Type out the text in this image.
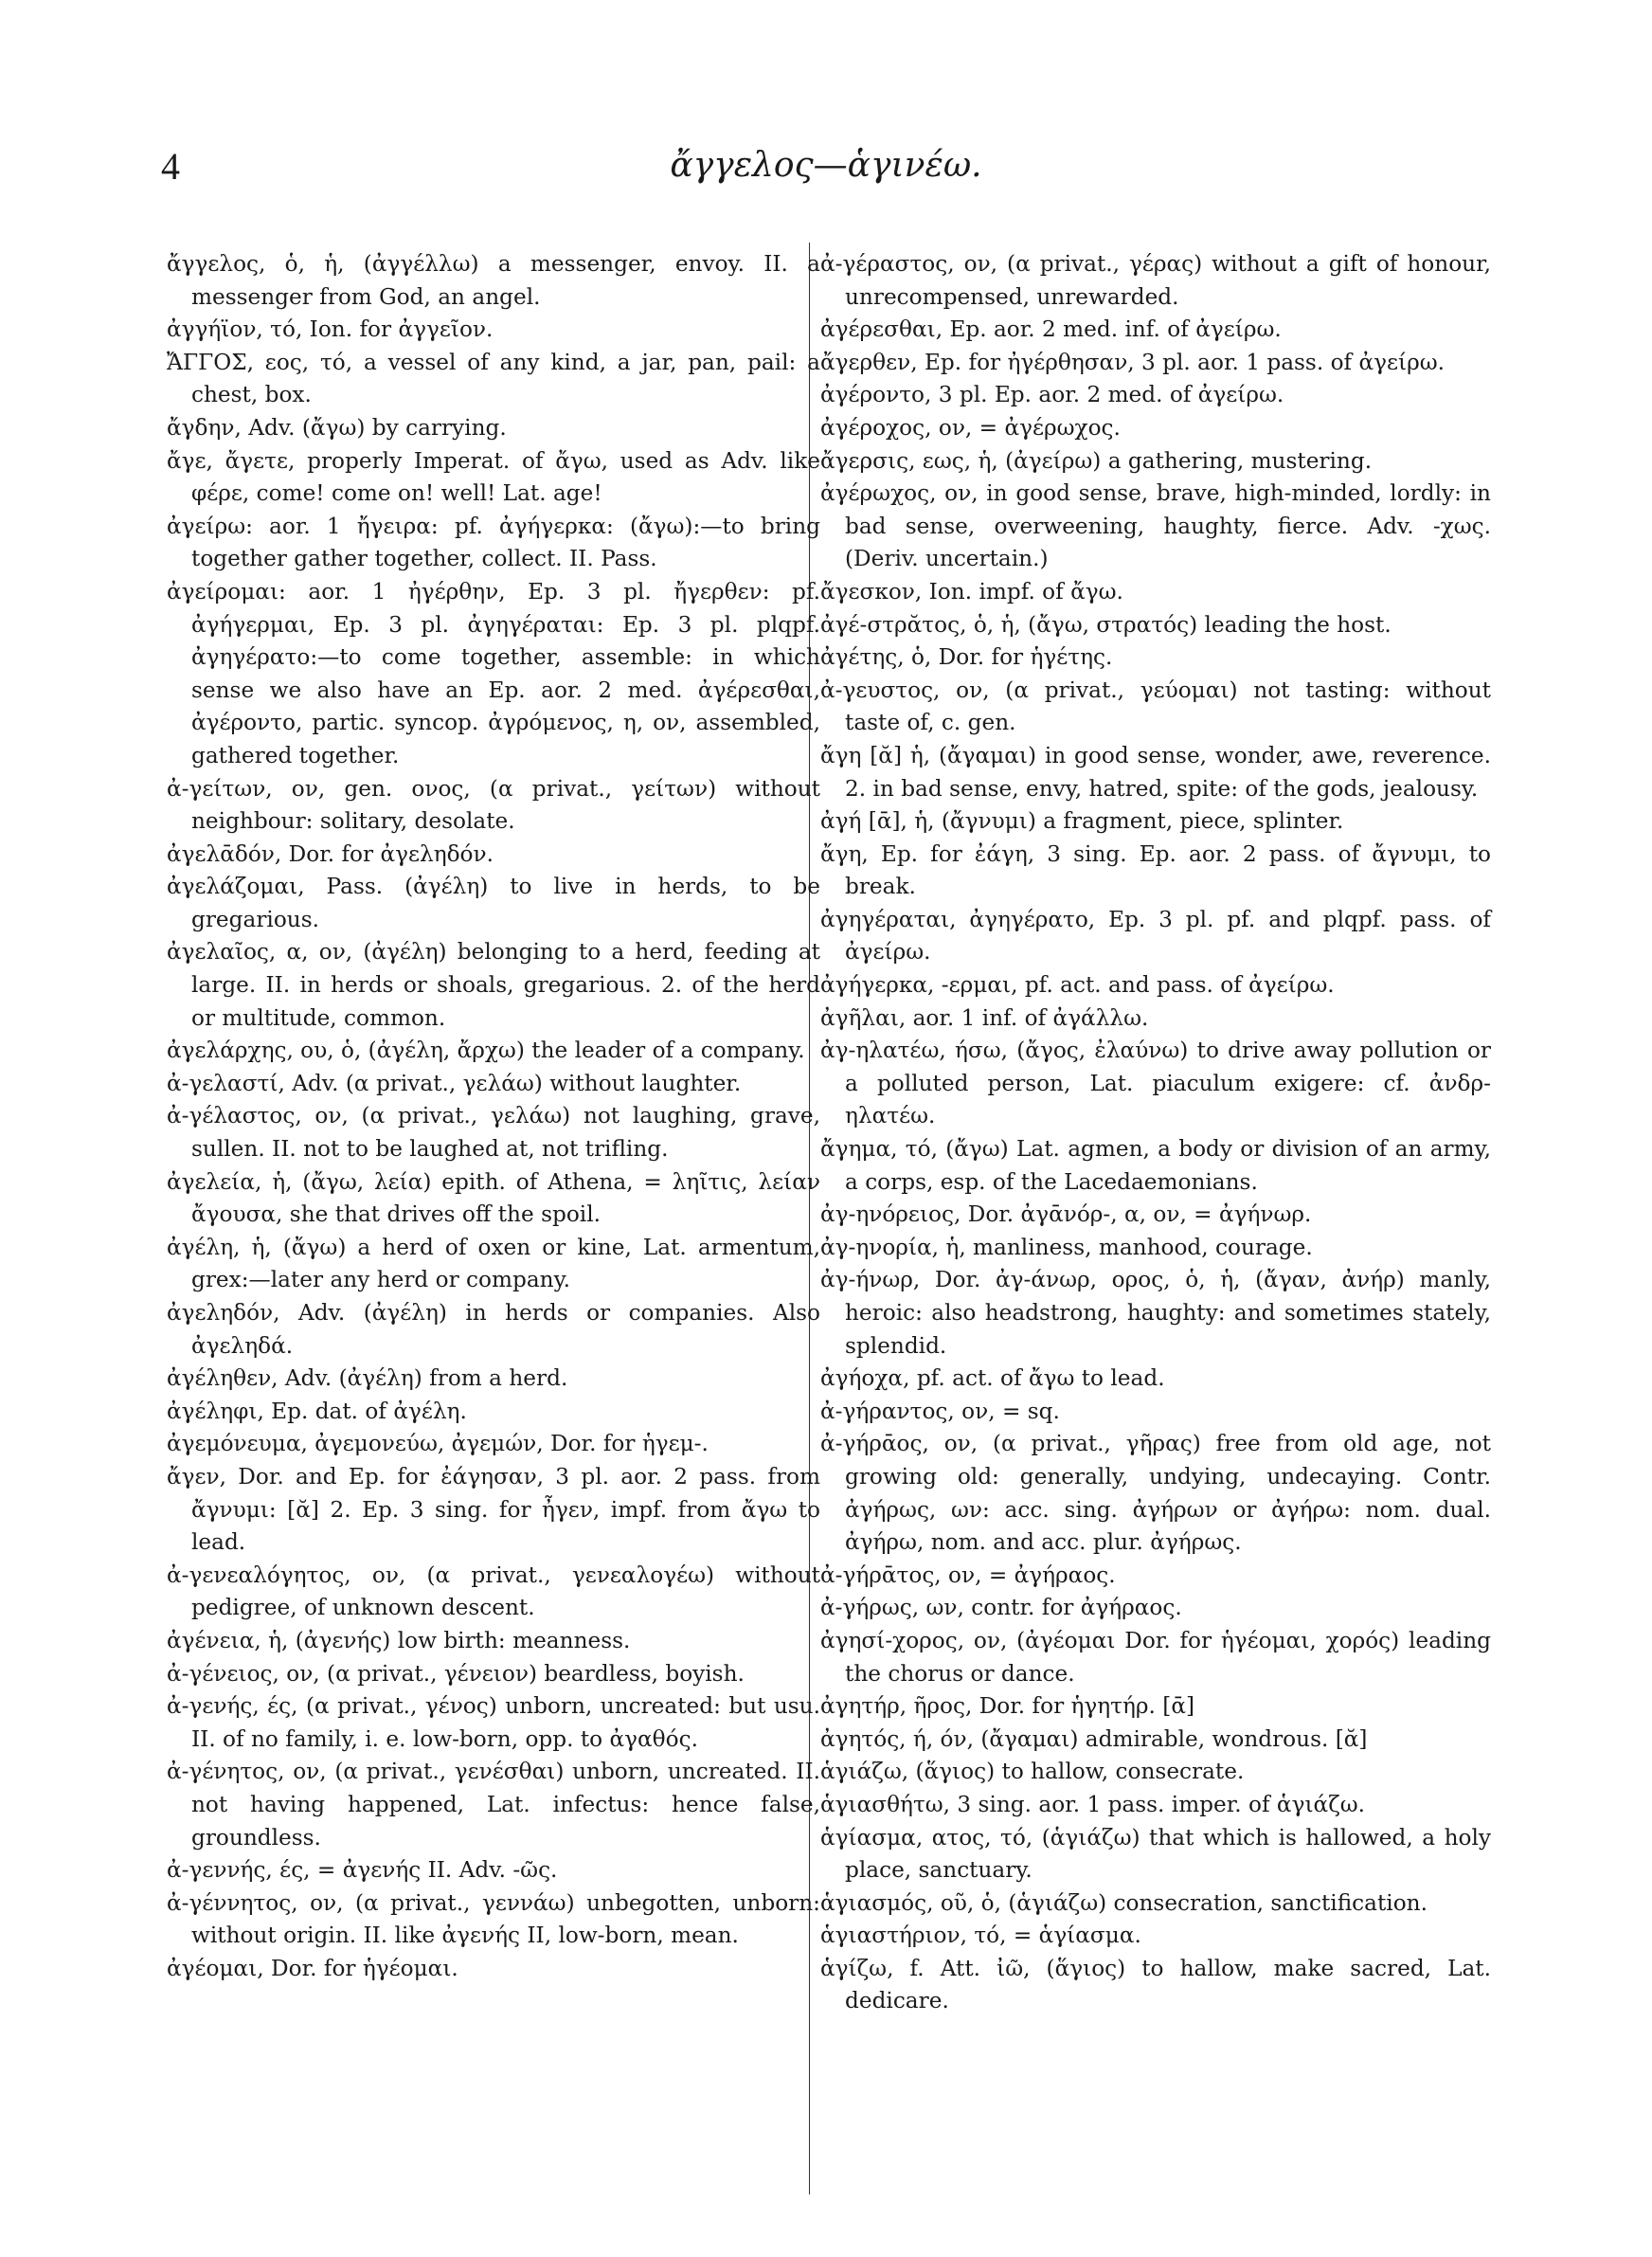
4	ἄγγελος—ἁγινέω.

ἄγγελος, ὁ, ἡ, (ἀγγέλλω) a messenger, envoy. II. a messenger from God, an angel.

ἀγγήϊον, τό, Ion. for ἀγγεῖον.

ἌΓΓΟΣ, εος, τό, a vessel of any kind, a jar, pan, pail: a chest, box.

ἄγδην, Adv. (ἄγω) by carrying.

ἄγε, ἄγετε, properly Imperat. of ἄγω, used as Adv. like φέρε, come! come on! well! Lat. age!

ἀγείρω: aor. 1 ἤγειρα: pf. ἀγήγερκα: (ἄγω):—to bring together gather together, collect. II. Pass.

ἀγείρομαι: aor. 1 ἠγέρθην, Ep. 3 pl. ἤγερθεν: pf. ἀγήγερμαι, Ep. 3 pl. ἀγηγέραται: Ep. 3 pl. plqpf. ἀγηγέρατο:—to come together, assemble: in which sense we also have an Ep. aor. 2 med. ἀγέρεσθαι, ἀγέροντο, partic. syncop. ἀγρόμενος, η, ον, assembled, gathered together.

ἀ-γείτων, ον, gen. ονος, (α privat., γείτων) without neighbour: solitary, desolate.

ἀγελᾱδόν, Dor. for ἀγεληδόν.

ἀγελάζομαι, Pass. (ἀγέλη) to live in herds, to be gregarious.

ἀγελαῖος, α, ον, (ἀγέλη) belonging to a herd, feeding at large. II. in herds or shoals, gregarious. 2. of the herd or multitude, common.

ἀγελάρχης, ου, ὁ, (ἀγέλη, ἄρχω) the leader of a company.

ἀ-γελαστί, Adv. (α privat., γελάω) without laughter.

ἀ-γέλαστος, ον, (α privat., γελάω) not laughing, grave, sullen. II. not to be laughed at, not trifling.

ἀγελεία, ἡ, (ἄγω, λεία) epith. of Athena, = ληῖτις, λείαν ἄγουσα, she that drives off the spoil.

ἀγέλη, ἡ, (ἄγω) a herd of oxen or kine, Lat. armentum, grex:—later any herd or company.

ἀγεληδόν, Adv. (ἀγέλη) in herds or companies. Also ἀγεληδά.

ἀγέληθεν, Adv. (ἀγέλη) from a herd.

ἀγέληφι, Ep. dat. of ἀγέλη.

ἀγεμόνευμα, ἀγεμονεύω, ἀγεμών, Dor. for ἡγεμ-.

ἄγεν, Dor. and Ep. for ἐάγησαν, 3 pl. aor. 2 pass. from ἄγνυμι: [ᾰ] 2. Ep. 3 sing. for ἦγεν, impf. from ἄγω to lead.

ἀ-γενεαλόγητος, ον, (α privat., γενεαλογέω) without pedigree, of unknown descent.

ἀγένεια, ἡ, (ἀγενής) low birth: meanness.

ἀ-γένειος, ον, (α privat., γένειον) beardless, boyish.

ἀ-γενής, ές, (α privat., γένος) unborn, uncreated: but usu. II. of no family, i. e. low-born, opp. to ἀγαθός.

ἀ-γένητος, ον, (α privat., γενέσθαι) unborn, uncreated. II. not having happened, Lat. infectus: hence false, groundless.

ἀ-γεννής, ές, = ἀγενής II. Adv. -ῶς.

ἀ-γέννητος, ον, (α privat., γεννάω) unbegotten, unborn: without origin. II. like ἀγενής II, low-born, mean.

ἀγέομαι, Dor. for ἡγέομαι.

ἀ-γέραστος, ον, (α privat., γέρας) without a gift of honour, unrecompensed, unrewarded.

ἀγέρεσθαι, Ep. aor. 2 med. inf. of ἀγείρω.

ἄγερθεν, Ep. for ἠγέρθησαν, 3 pl. aor. 1 pass. of ἀγείρω.

ἀγέροντο, 3 pl. Ep. aor. 2 med. of ἀγείρω.

ἀγέροχος, ον, = ἀγέρωχος.

ἄγερσις, εως, ἡ, (ἀγείρω) a gathering, mustering.

ἀγέρωχος, ον, in good sense, brave, high-minded, lordly: in bad sense, overweening, haughty, fierce. Adv. -χως. (Deriv. uncertain.)

ἄγεσκον, Ion. impf. of ἄγω.

ἀγέ-στρᾰτος, ὁ, ἡ, (ἄγω, στρατός) leading the host.

ἀγέτης, ὁ, Dor. for ἡγέτης.

ἀ-γευστος, ον, (α privat., γεύομαι) not tasting: without taste of, c. gen.

ἄγη [ᾰ] ἡ, (ἄγαμαι) in good sense, wonder, awe, reverence. 2. in bad sense, envy, hatred, spite: of the gods, jealousy.

ἀγή [ᾱ], ἡ, (ἄγνυμι) a fragment, piece, splinter.

ἄγη, Ep. for ἐάγη, 3 sing. Ep. aor. 2 pass. of ἄγνυμι, to break.

ἀγηγέραται, ἀγηγέρατο, Ep. 3 pl. pf. and plqpf. pass. of ἀγείρω.

ἀγήγερκα, -ερμαι, pf. act. and pass. of ἀγείρω.

ἀγῆλαι, aor. 1 inf. of ἀγάλλω.

ἀγ-ηλατέω, ήσω, (ἄγος, ἐλαύνω) to drive away pollution or a polluted person, Lat. piaculum exigere: cf. ἀνδρ-ηλατέω.

ἄγημα, τό, (ἄγω) Lat. agmen, a body or division of an army, a corps, esp. of the Lacedaemonians.

ἀγ-ηνόρειος, Dor. ἀγᾱνόρ-, α, ον, = ἀγήνωρ.

ἀγ-ηνορία, ἡ, manliness, manhood, courage.

ἀγ-ήνωρ, Dor. ἀγ-άνωρ, ορος, ὁ, ἡ, (ἄγαν, ἀνήρ) manly, heroic: also headstrong, haughty: and sometimes stately, splendid.

ἀγήοχα, pf. act. of ἄγω to lead.

ἀ-γήραντος, ον, = sq.

ἀ-γήρᾱος, ον, (α privat., γῆρας) free from old age, not growing old: generally, undying, undecaying. Contr. ἀγήρως, ων: acc. sing. ἀγήρων or ἀγήρω: nom. dual. ἀγήρω, nom. and acc. plur. ἀγήρως.

ἀ-γήρᾱτος, ον, = ἀγήραος.

ἀ-γήρως, ων, contr. for ἀγήραος.

ἀγησί-χορος, ον, (ἀγέομαι Dor. for ἡγέομαι, χορός) leading the chorus or dance.

ἀγητήρ, ῆρος, Dor. for ἡγητήρ. [ᾱ]

ἀγητός, ή, όν, (ἄγαμαι) admirable, wondrous. [ᾰ]

ἁγιάζω, (ἅγιος) to hallow, consecrate.

ἁγιασθήτω, 3 sing. aor. 1 pass. imper. of ἁγιάζω.

ἁγίασμα, ατος, τό, (ἁγιάζω) that which is hallowed, a holy place, sanctuary.

ἁγιασμός, οῦ, ὁ, (ἁγιάζω) consecration, sanctification.

ἁγιαστήριον, τό, = ἁγίασμα.

ἁγίζω, f. Att. ἰῶ, (ἅγιος) to hallow, make sacred, Lat. dedicare.
